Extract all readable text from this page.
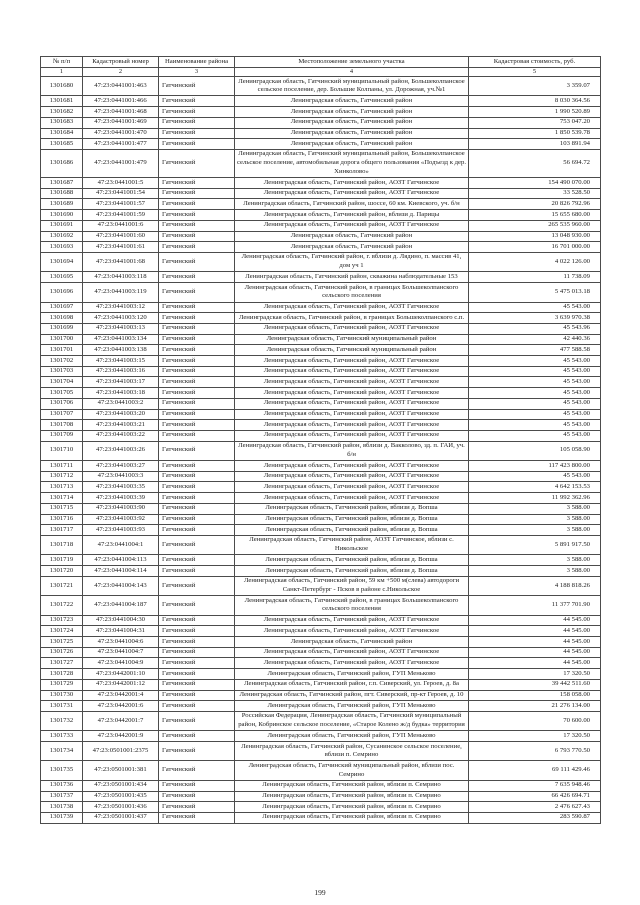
№ п/п	Кадастровый номер	Наименование района	Местоположение земельного участка	Кадастровая стоимость, руб.
1	2	3	4	5
1301680	47:23:0441001:463	Гатчинский	Ленинградская область, Гатчинский муниципальный район, Большеколпанское сельское поселение, дер. Большие Колпаны, ул. Дорожная, уч.№1	3 359.07
1301681	47:23:0441001:466	Гатчинский	Ленинградская область, Гатчинский район	8 030 364.56
1301682	47:23:0441001:468	Гатчинский	Ленинградская область, Гатчинский район	1 990 520.89
1301683	47:23:0441001:469	Гатчинский	Ленинградская область, Гатчинский район	753 047.20
1301684	47:23:0441001:470	Гатчинский	Ленинградская область, Гатчинский район	1 850 539.78
1301685	47:23:0441001:477	Гатчинский	Ленинградская область, Гатчинский район	103 891.94
1301686	47:23:0441001:479	Гатчинский	Ленинградская область, Гатчинский муниципальный район, Большеколпанское сельское поселение, автомобильная дорога общего пользования «Подъезд к дер. Хинколово»	56 694.72
1301687	47:23:0441001:5	Гатчинский	Ленинградская область, Гатчинский район, АОЗТ Гатчинское	154 490 070.00
1301688	47:23:0441001:54	Гатчинский	Ленинградская область, Гатчинский район, АОЗТ Гатчинское	33 528.50
1301689	47:23:0441001:57	Гатчинский	Ленинградская область, Гатчинский район, шоссе, 60 км. Киевского, уч. б/н	20 826 792.96
1301690	47:23:0441001:59	Гатчинский	Ленинградская область, Гатчинский район, вблизи д. Парицы	15 655 680.00
1301691	47:23:0441001:6	Гатчинский	Ленинградская область, Гатчинский район, АОЗТ Гатчинское	265 535 960.00
1301692	47:23:0441001:60	Гатчинский	Ленинградская область, Гатчинский район	13 048 930.00
1301693	47:23:0441001:61	Гатчинский	Ленинградская область, Гатчинский район	16 701 000.00
1301694	47:23:0441001:68	Гатчинский	Ленинградская область, Гатчинский район, г. вблизи д. Лядино, п. массив 41, дом уч 1	4 022 126.00
1301695	47:23:0441003:118	Гатчинский	Ленинградская область, Гатчинский район, скважина наблюдательные 153	11 738.09
1301696	47:23:0441003:119	Гатчинский	Ленинградская область, Гатчинский район, в границах Большеколпанского сельского поселения	5 475 013.18
1301697	47:23:0441003:12	Гатчинский	Ленинградская область, Гатчинский район, АОЗТ Гатчинское	45 543.00
1301698	47:23:0441003:120	Гатчинский	Ленинградская область, Гатчинский район, в границах Большеколпанского с.п.	3 639 970.38
1301699	47:23:0441003:13	Гатчинский	Ленинградская область, Гатчинский район, АОЗТ Гатчинское	45 543.96
1301700	47:23:0441003:134	Гатчинский	Ленинградская область, Гатчинский муниципальный район	42 440.36
1301701	47:23:0441003:138	Гатчинский	Ленинградская область, Гатчинский муниципальный район	477 588.58
1301702	47:23:0441003:15	Гатчинский	Ленинградская область, Гатчинский район, АОЗТ Гатчинское	45 543.00
1301703	47:23:0441003:16	Гатчинский	Ленинградская область, Гатчинский район, АОЗТ Гатчинское	45 543.00
1301704	47:23:0441003:17	Гатчинский	Ленинградская область, Гатчинский район, АОЗТ Гатчинское	45 543.00
1301705	47:23:0441003:18	Гатчинский	Ленинградская область, Гатчинский район, АОЗТ Гатчинское	45 543.00
1301706	47:23:0441003:2	Гатчинский	Ленинградская область, Гатчинский район, АОЗТ Гатчинское	45 543.00
1301707	47:23:0441003:20	Гатчинский	Ленинградская область, Гатчинский район, АОЗТ Гатчинское	45 543.00
1301708	47:23:0441003:21	Гатчинский	Ленинградская область, Гатчинский район, АОЗТ Гатчинское	45 543.00
1301709	47:23:0441003:22	Гатчинский	Ленинградская область, Гатчинский район, АОЗТ Гатчинское	45 543.00
1301710	47:23:0441003:26	Гатчинский	Ленинградская область, Гатчинский район, вблизи д. Вакколово, зд. п. ГАИ, уч. б/н	105 058.90
1301711	47:23:0441003:27	Гатчинский	Ленинградская область, Гатчинский район, АОЗТ Гатчинское	117 423 800.00
1301712	47:23:0441003:3	Гатчинский	Ленинградская область, Гатчинский район, АОЗТ Гатчинское	45 543.00
1301713	47:23:0441003:35	Гатчинский	Ленинградская область, Гатчинский район, АОЗТ Гатчинское	4 642 153.53
1301714	47:23:0441003:39	Гатчинский	Ленинградская область, Гатчинский район, АОЗТ Гатчинское	11 992 362.96
1301715	47:23:0441003:90	Гатчинский	Ленинградская область, Гатчинский район, вблизи д. Вопша	3 588.00
1301716	47:23:0441003:92	Гатчинский	Ленинградская область, Гатчинский район, вблизи д. Вопша	3 588.00
1301717	47:23:0441003:93	Гатчинский	Ленинградская область, Гатчинский район, вблизи д. Вопша	3 588.00
1301718	47:23:0441004:1	Гатчинский	Ленинградская область, Гатчинский район, АОЗТ Гатчинское, вблизи с. Никольское	5 891 917.50
1301719	47:23:0441004:113	Гатчинский	Ленинградская область, Гатчинский район, вблизи д. Вопша	3 588.00
1301720	47:23:0441004:114	Гатчинский	Ленинградская область, Гатчинский район, вблизи д. Вопша	3 588.00
1301721	47:23:0441004:143	Гатчинский	Ленинградская область, Гатчинский район, 59 км +500 м(слева) автодороги Санкт-Петербург - Псков в районе с.Никольское	4 188 818.26
1301722	47:23:0441004:187	Гатчинский	Ленинградская область, Гатчинский район, в границах Большеколпанского сельского поселения	11 377 701.90
1301723	47:23:0441004:30	Гатчинский	Ленинградская область, Гатчинский район, АОЗТ Гатчинское	44 545.00
1301724	47:23:0441004:31	Гатчинский	Ленинградская область, Гатчинский район, АОЗТ Гатчинское	44 545.00
1301725	47:23:0441004:6	Гатчинский	Ленинградская область, Гатчинский район	44 545.00
1301726	47:23:0441004:7	Гатчинский	Ленинградская область, Гатчинский район, АОЗТ Гатчинское	44 545.00
1301727	47:23:0441004:9	Гатчинский	Ленинградская область, Гатчинский район, АОЗТ Гатчинское	44 545.00
1301728	47:23:0442001:10	Гатчинский	Ленинградская область, Гатчинский район, ГУП Меньково	17 320.50
1301729	47:23:0442001:12	Гатчинский	Ленинградская область, Гатчинский район, г.п. Сиверский, ул. Героев, д. 8а	39 442 511.60
1301730	47:23:0442001:4	Гатчинский	Ленинградская область, Гатчинский район, пгт. Сиверский, пр-кт Героев, д. 10	158 058.00
1301731	47:23:0442001:6	Гатчинский	Ленинградская область, Гатчинский район, ГУП Меньково	21 276 134.00
1301732	47:23:0442001:7	Гатчинский	Российская Федерация, Ленинградская область, Гатчинский муниципальный район, Кобринское сельское поселение, «Старое Колено ж/д будка» территория	70 600.00
1301733	47:23:0442001:9	Гатчинский	Ленинградская область, Гатчинский район, ГУП Меньково	17 320.50
1301734	47:23:0501001:2375	Гатчинский	Ленинградская область, Гатчинский район, Сусанинское сельское поселение, вблизи п. Семрино	6 793 770.50
1301735	47:23:0501001:381	Гатчинский	Ленинградская область, Гатчинский муниципальный район, вблизи пос. Семрино	69 111 429.46
1301736	47:23:0501001:434	Гатчинский	Ленинградская область, Гатчинский район, вблизи п. Семрино	7 635 948.46
1301737	47:23:0501001:435	Гатчинский	Ленинградская область, Гатчинский район, вблизи п. Семрино	66 426 694.71
1301738	47:23:0501001:436	Гатчинский	Ленинградская область, Гатчинский район, вблизи п. Семрино	2 476 627.43
1301739	47:23:0501001:437	Гатчинский	Ленинградская область, Гатчинский район, вблизи п. Семрино	283 590.87
199
